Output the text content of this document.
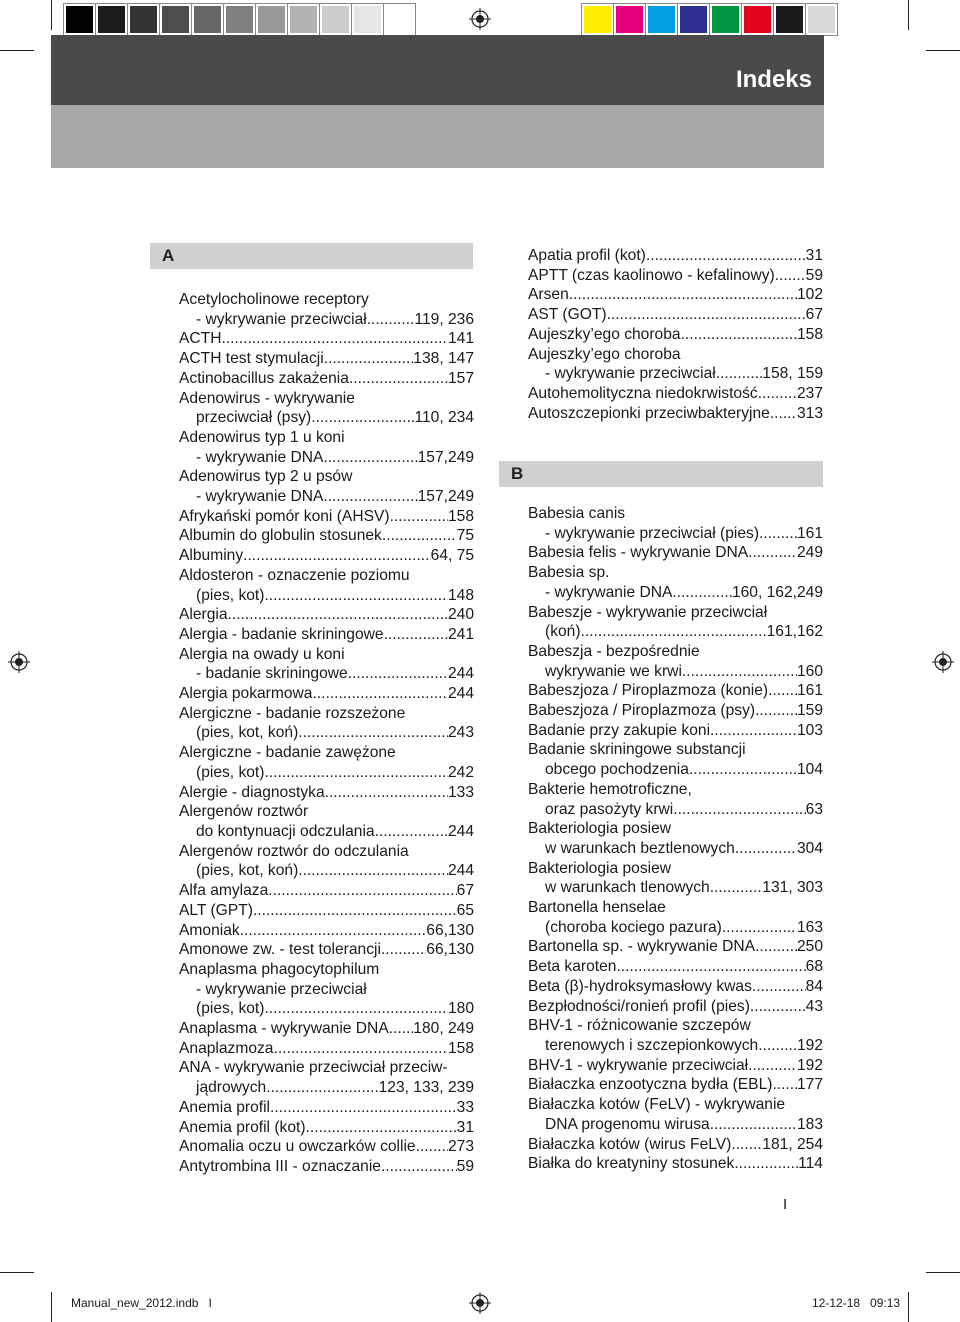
Indeks
A
Acetylocholinowe receptory
- wykrywanie przeciwciał .....	119, 236
ACTH .....	141
ACTH test stymulacji .....	138, 147
Actinobacillus zakażenia .....	157
Adenowirus - wykrywanie
przeciwciał (psy) .....	110, 234
Adenowirus typ 1 u koni
- wykrywanie DNA .....	157,249
Adenowirus typ 2 u psów
- wykrywanie DNA .....	157,249
Afrykański pomór koni (AHSV) .....	158
Albumin do globulin stosunek .....	75
Albuminy .....	64, 75
Aldosteron - oznaczenie poziomu
(pies, kot) .....	148
Alergia .....	240
Alergia - badanie skriningowe .....	241
Alergia na owady u koni
- badanie skriningowe .....	244
Alergia pokarmowa .....	244
Alergiczne - badanie rozszeżone
(pies, kot, koń) .....	243
Alergiczne - badanie zawężone
(pies, kot) .....	242
Alergie - diagnostyka .....	133
Alergenów roztwór
do kontynuacji odczulania .....	244
Alergenów roztwór do odczulania
(pies, kot, koń) .....	244
Alfa amylaza .....	67
ALT (GPT) .....	65
Amoniak .....	66,130
Amonowe zw. - test tolerancji .....	66,130
Anaplasma phagocytophilum
- wykrywanie przeciwciał
(pies, kot) .....	180
Anaplasma - wykrywanie DNA ..... 180, 249
Anaplazmoza .....	158
ANA - wykrywanie przeciwciał przeciw-
jądrowych .....	123, 133, 239
Anemia profil .....	33
Anemia profil (kot) .....	31
Anomalia oczu u owczarków collie ..... 273
Antytrombina III - oznaczanie .....	59
Apatia profil (kot) .....	31
APTT (czas kaolinowo - kefalinowy) ..... 59
Arsen .....	102
AST (GOT) .....	67
Aujeszky’ego choroba .....	158
Aujeszky’ego choroba
- wykrywanie przeciwciał .....	158, 159
Autohemolityczna niedokrwistość .....	237
Autoszczepionki przeciwbakteryjne ..... 313
B
Babesia canis
- wykrywanie przeciwciał (pies) ..... 161
Babesia felis - wykrywanie DNA .....	249
Babesia sp.
- wykrywanie DNA .....	160, 162,249
Babeszje - wykrywanie przeciwciał
(koń) .....	161,162
Babeszja - bezpośrednie
wykrywanie we krwi .....	160
Babeszjoza / Piroplazmoza (konie) ..... 161
Babeszjoza / Piroplazmoza (psy) .....	159
Badanie przy zakupie koni .....	103
Badanie skriningowe substancji
obcego pochodzenia .....	104
Bakterie hemotroficzne,
oraz pasożyty krwi .....	63
Bakteriologia posiew
w warunkach beztlenowych .....	304
Bakteriologia posiew
w warunkach tlenowych .....	131, 303
Bartonella henselae
(choroba kociego pazura) .....	163
Bartonella sp. - wykrywanie DNA .....	250
Beta karoten .....	68
Beta (β)-hydroksymasłowy kwas .....	84
Bezpłodności/ronień profil (pies) .....	43
BHV-1 - różnicowanie szczepów
terenowych i szczepionkowych ..... 192
BHV-1 - wykrywanie przeciwciał .....	192
Białaczka enzootyczna bydła (EBL) ..... 177
Białaczka kotów (FeLV) - wykrywanie
DNA progenomu wirusa .....	183
Białaczka kotów (wirus FeLV) ..... 181, 254
Białka do kreatyniny stosunek .....	114
I
Manual_new_2012.indb   I	12-12-18   09:13
